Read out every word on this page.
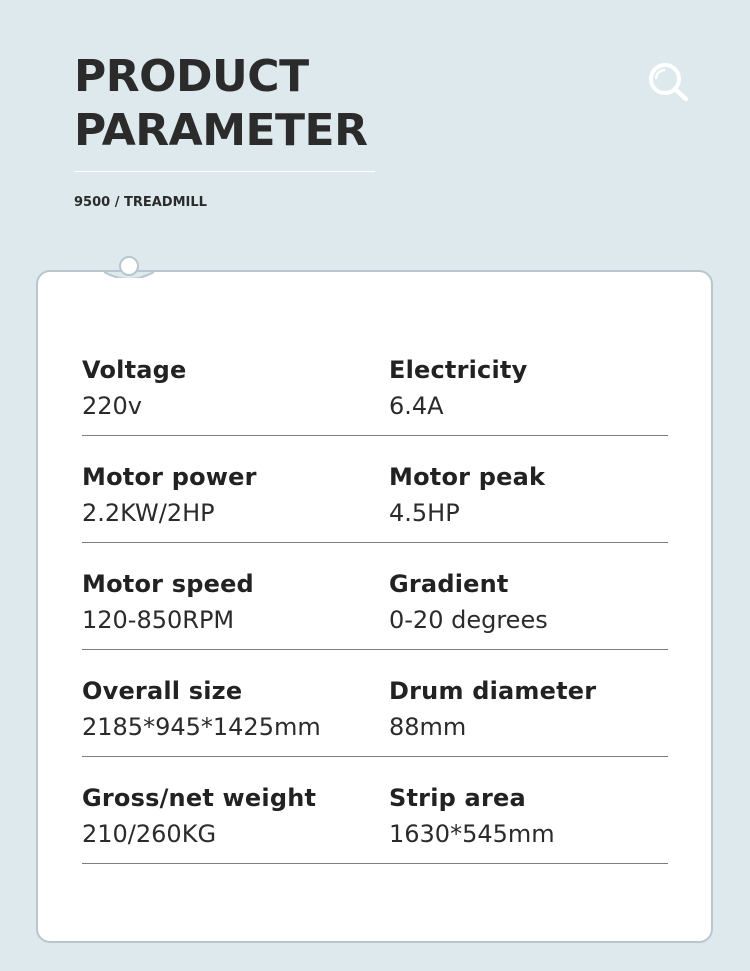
PRODUCT
PARAMETER
9500 / TREADMILL
Voltage
220v
Electricity
6.4A
Motor power
2.2KW/2HP
Motor peak
4.5HP
Motor speed
120-850RPM
Gradient
0-20 degrees
Overall size
2185*945*1425mm
Drum diameter
88mm
Gross/net weight
210/260KG
Strip area
1630*545mm
